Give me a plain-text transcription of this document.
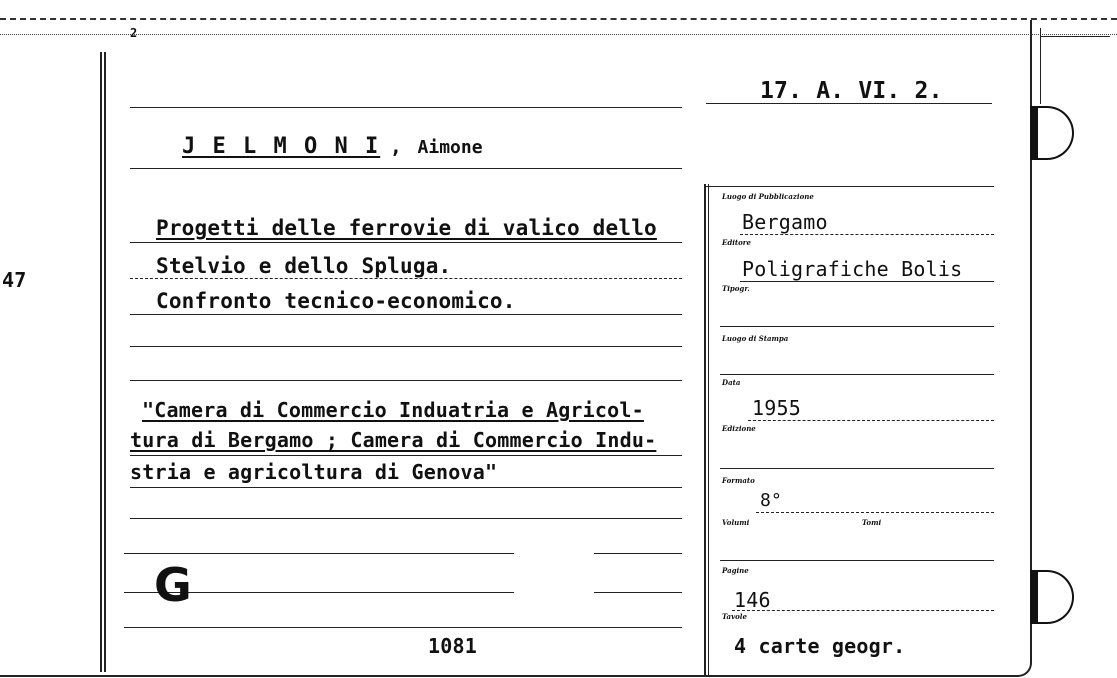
47
2
17. A. VI. 2.
J E L M O N I , Aimone
Progetti delle ferrovie di valico dello
Stelvio e dello Spluga.
Confronto tecnico-economico.
"Camera di Commercio Induatria e Agricol-
tura di Bergamo ; Camera di Commercio Indu-
stria e agricoltura di Genova"
G
1081
Luogo di Pubblicazione
Bergamo
Editore
Poligrafiche Bolis
Tipogr.
Luogo di Stampa
Data
1955
Edizione
Formato
8°
Volumi	Tomi
Pagine
146
Tavole
4 carte geogr.
